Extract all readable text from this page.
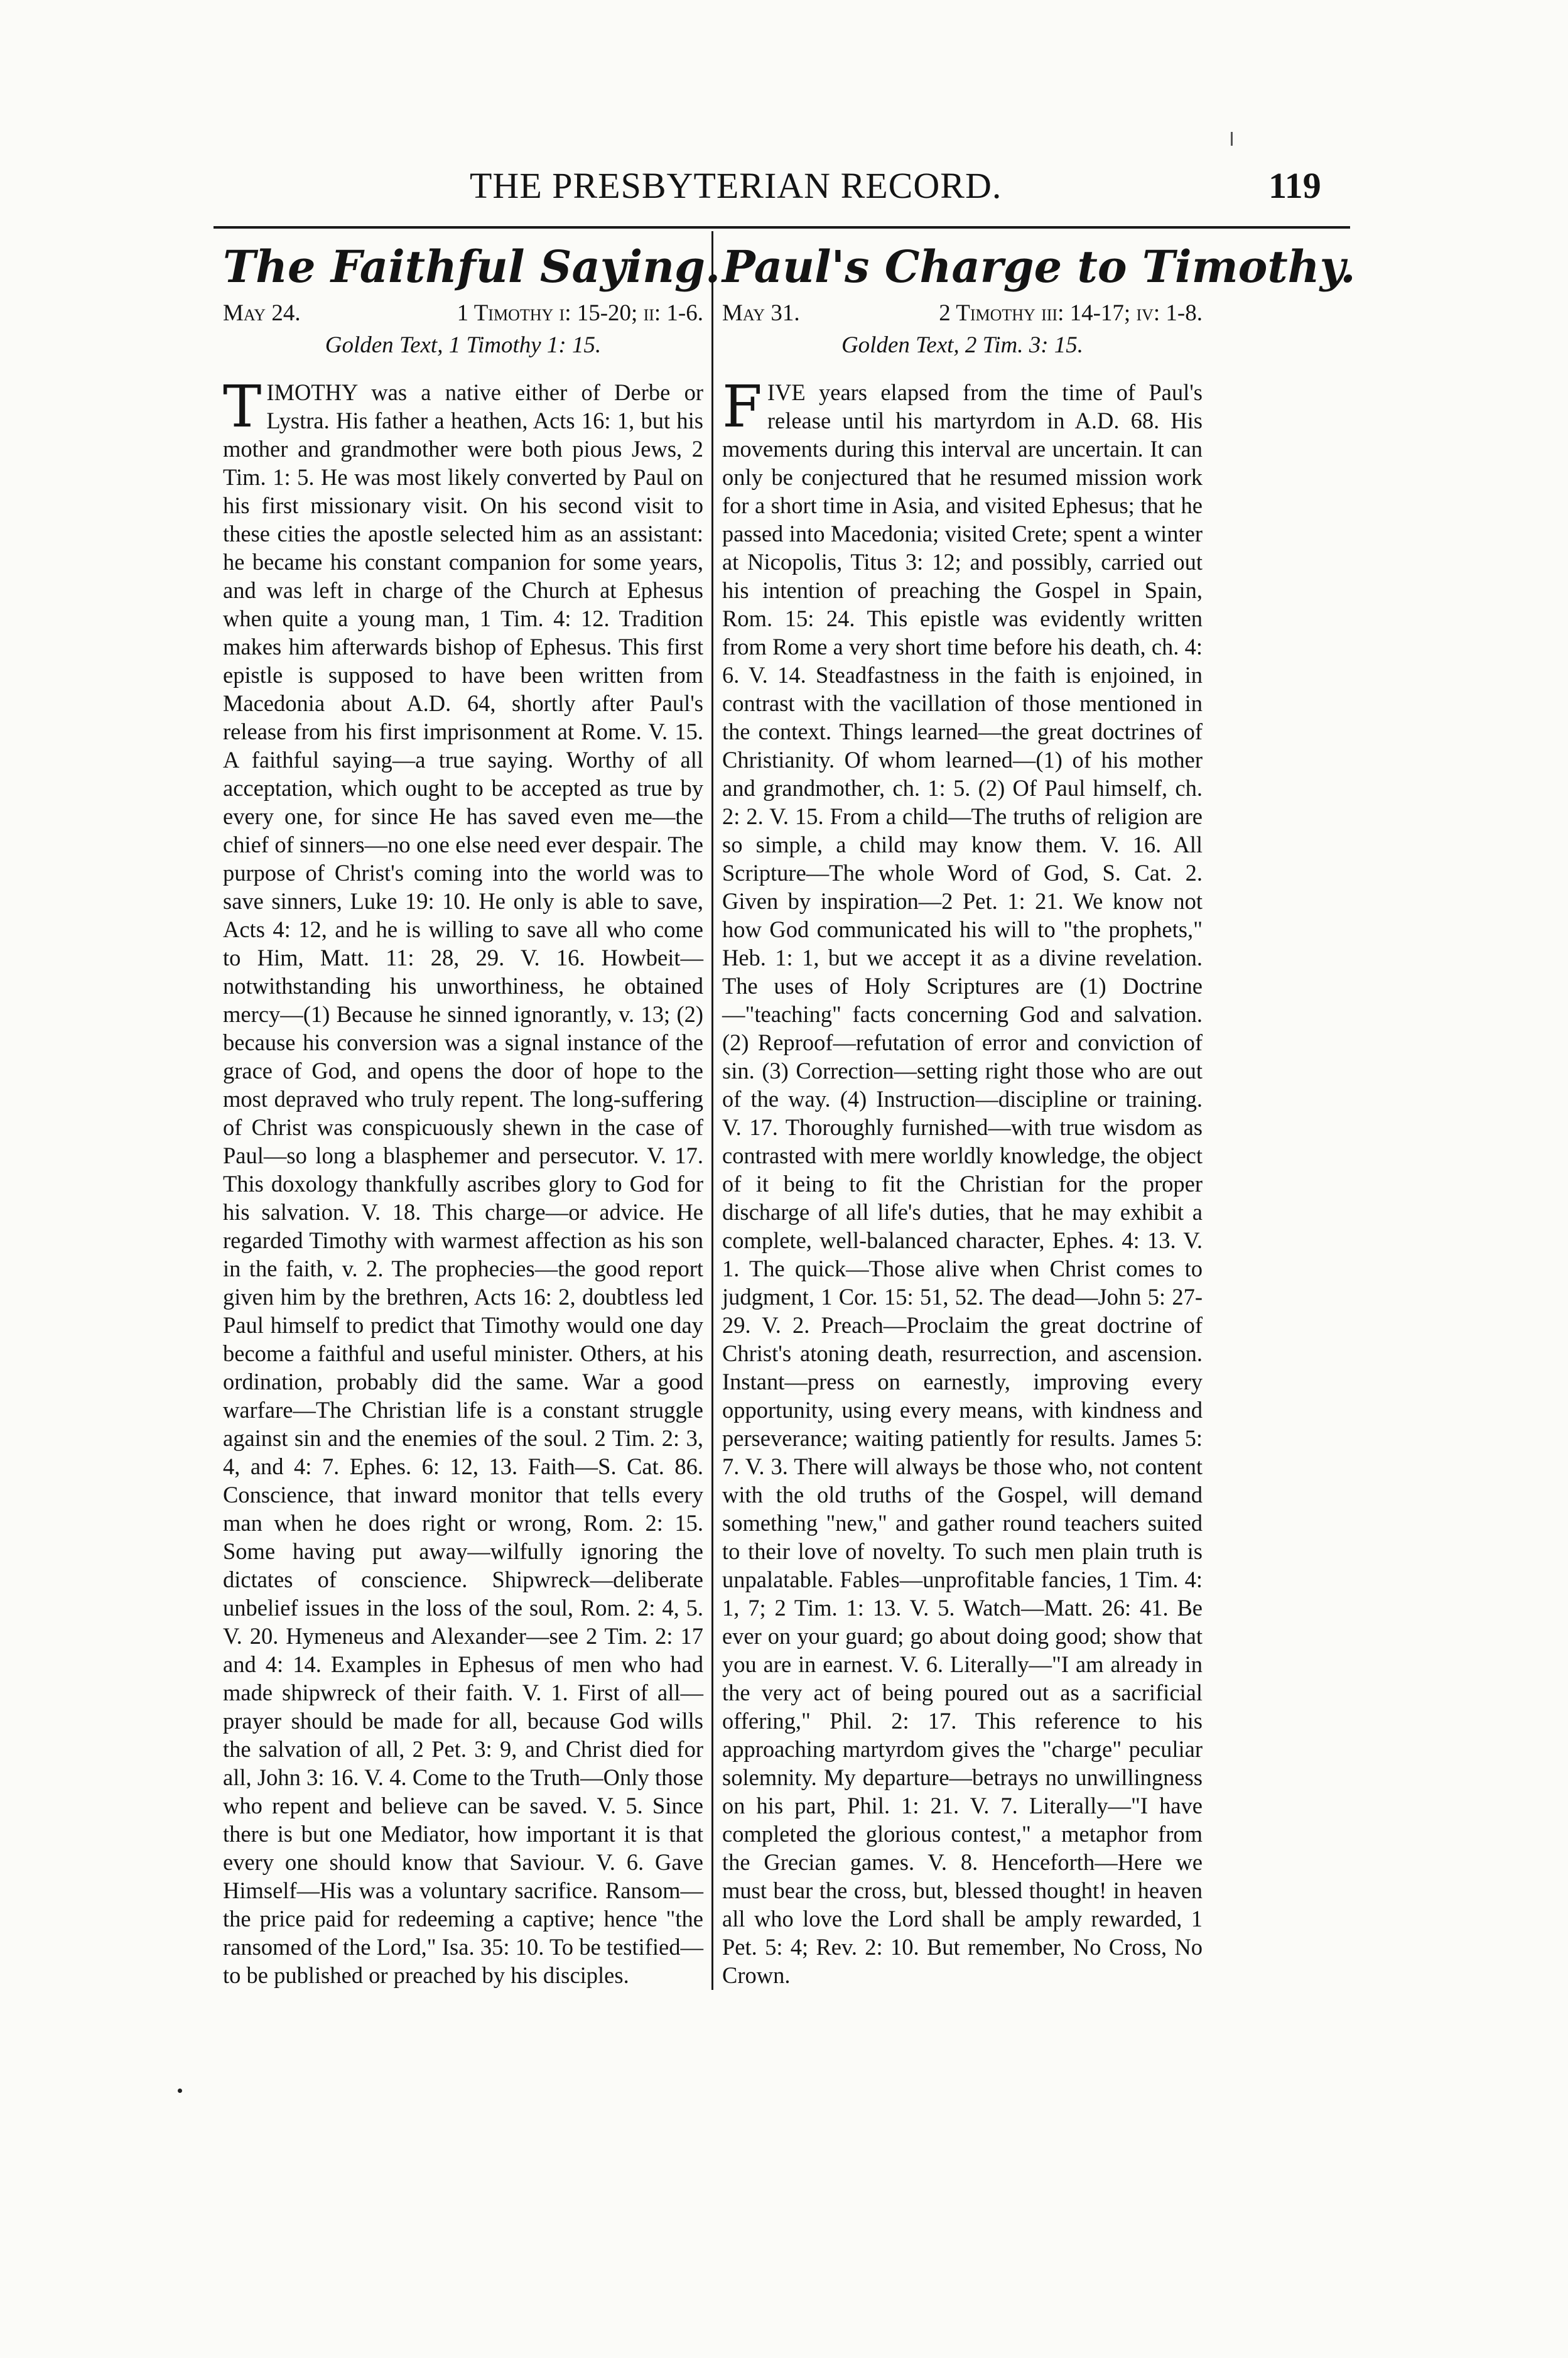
THE PRESBYTERIAN RECORD.	119
The Faithful Saying.
May 24.	1 Timothy i: 15-20; ii: 1-6.
Golden Text, 1 Timothy 1: 15.
T IMOTHY was a native either of Derbe or Lystra. His father a heathen, Acts 16: 1, but his mother and grandmother were both pious Jews, 2 Tim. 1: 5. He was most likely converted by Paul on his first missionary visit. On his second visit to these cities the apostle selected him as an assistant: he became his constant companion for some years, and was left in charge of the Church at Ephesus when quite a young man, 1 Tim. 4: 12. Tradition makes him afterwards bishop of Ephesus. This first epistle is supposed to have been written from Macedonia about A.D. 64, shortly after Paul's release from his first imprisonment at Rome. V. 15. A faithful saying—a true saying. Worthy of all acceptation, which ought to be accepted as true by every one, for since He has saved even me—the chief of sinners—no one else need ever despair. The purpose of Christ's coming into the world was to save sinners, Luke 19: 10. He only is able to save, Acts 4: 12, and he is willing to save all who come to Him, Matt. 11: 28, 29. V. 16. Howbeit—notwithstanding his unworthiness, he obtained mercy—(1) Because he sinned ignorantly, v. 13; (2) because his conversion was a signal instance of the grace of God, and opens the door of hope to the most depraved who truly repent. The long-suffering of Christ was conspicuously shewn in the case of Paul—so long a blasphemer and persecutor. V. 17. This doxology thankfully ascribes glory to God for his salvation. V. 18. This charge—or advice. He regarded Timothy with warmest affection as his son in the faith, v. 2. The prophecies—the good report given him by the brethren, Acts 16: 2, doubtless led Paul himself to predict that Timothy would one day become a faithful and useful minister. Others, at his ordination, probably did the same. War a good warfare—The Christian life is a constant struggle against sin and the enemies of the soul. 2 Tim. 2: 3, 4, and 4: 7. Ephes. 6: 12, 13. Faith—S. Cat. 86. Conscience, that inward monitor that tells every man when he does right or wrong, Rom. 2: 15. Some having put away—wilfully ignoring the dictates of conscience. Shipwreck—deliberate unbelief issues in the loss of the soul, Rom. 2: 4, 5. V. 20. Hymeneus and Alexander—see 2 Tim. 2: 17 and 4: 14. Examples in Ephesus of men who had made shipwreck of their faith. V. 1. First of all—prayer should be made for all, because God wills the salvation of all, 2 Pet. 3: 9, and Christ died for all, John 3: 16. V. 4. Come to the Truth—Only those who repent and believe can be saved. V. 5. Since there is but one Mediator, how important it is that every one should know that Saviour. V. 6. Gave Himself—His was a voluntary sacrifice. Ransom—the price paid for redeeming a captive; hence "the ransomed of the Lord," Isa. 35: 10. To be testified—to be published or preached by his disciples.
Paul's Charge to Timothy.
May 31.	2 Timothy iii: 14-17; iv: 1-8.
Golden Text, 2 Tim. 3: 15.
F IVE years elapsed from the time of Paul's release until his martyrdom in A.D. 68. His movements during this interval are uncertain. It can only be conjectured that he resumed mission work for a short time in Asia, and visited Ephesus; that he passed into Macedonia; visited Crete; spent a winter at Nicopolis, Titus 3: 12; and possibly, carried out his intention of preaching the Gospel in Spain, Rom. 15: 24. This epistle was evidently written from Rome a very short time before his death, ch. 4: 6. V. 14. Steadfastness in the faith is enjoined, in contrast with the vacillation of those mentioned in the context. Things learned—the great doctrines of Christianity. Of whom learned—(1) of his mother and grandmother, ch. 1: 5. (2) Of Paul himself, ch. 2: 2. V. 15. From a child—The truths of religion are so simple, a child may know them. V. 16. All Scripture—The whole Word of God, S. Cat. 2. Given by inspiration—2 Pet. 1: 21. We know not how God communicated his will to "the prophets," Heb. 1: 1, but we accept it as a divine revelation. The uses of Holy Scriptures are (1) Doctrine—"teaching" facts concerning God and salvation. (2) Reproof—refutation of error and conviction of sin. (3) Correction—setting right those who are out of the way. (4) Instruction—discipline or training. V. 17. Thoroughly furnished—with true wisdom as contrasted with mere worldly knowledge, the object of it being to fit the Christian for the proper discharge of all life's duties, that he may exhibit a complete, well-balanced character, Ephes. 4: 13. V. 1. The quick—Those alive when Christ comes to judgment, 1 Cor. 15: 51, 52. The dead—John 5: 27-29. V. 2. Preach—Proclaim the great doctrine of Christ's atoning death, resurrection, and ascension. Instant—press on earnestly, improving every opportunity, using every means, with kindness and perseverance; waiting patiently for results. James 5: 7. V. 3. There will always be those who, not content with the old truths of the Gospel, will demand something "new," and gather round teachers suited to their love of novelty. To such men plain truth is unpalatable. Fables—unprofitable fancies, 1 Tim. 4: 1, 7; 2 Tim. 1: 13. V. 5. Watch—Matt. 26: 41. Be ever on your guard; go about doing good; show that you are in earnest. V. 6. Literally—"I am already in the very act of being poured out as a sacrificial offering," Phil. 2: 17. This reference to his approaching martyrdom gives the "charge" peculiar solemnity. My departure—betrays no unwillingness on his part, Phil. 1: 21. V. 7. Literally—"I have completed the glorious contest," a metaphor from the Grecian games. V. 8. Henceforth—Here we must bear the cross, but, blessed thought! in heaven all who love the Lord shall be amply rewarded, 1 Pet. 5: 4; Rev. 2: 10. But remember, No Cross, No Crown.
